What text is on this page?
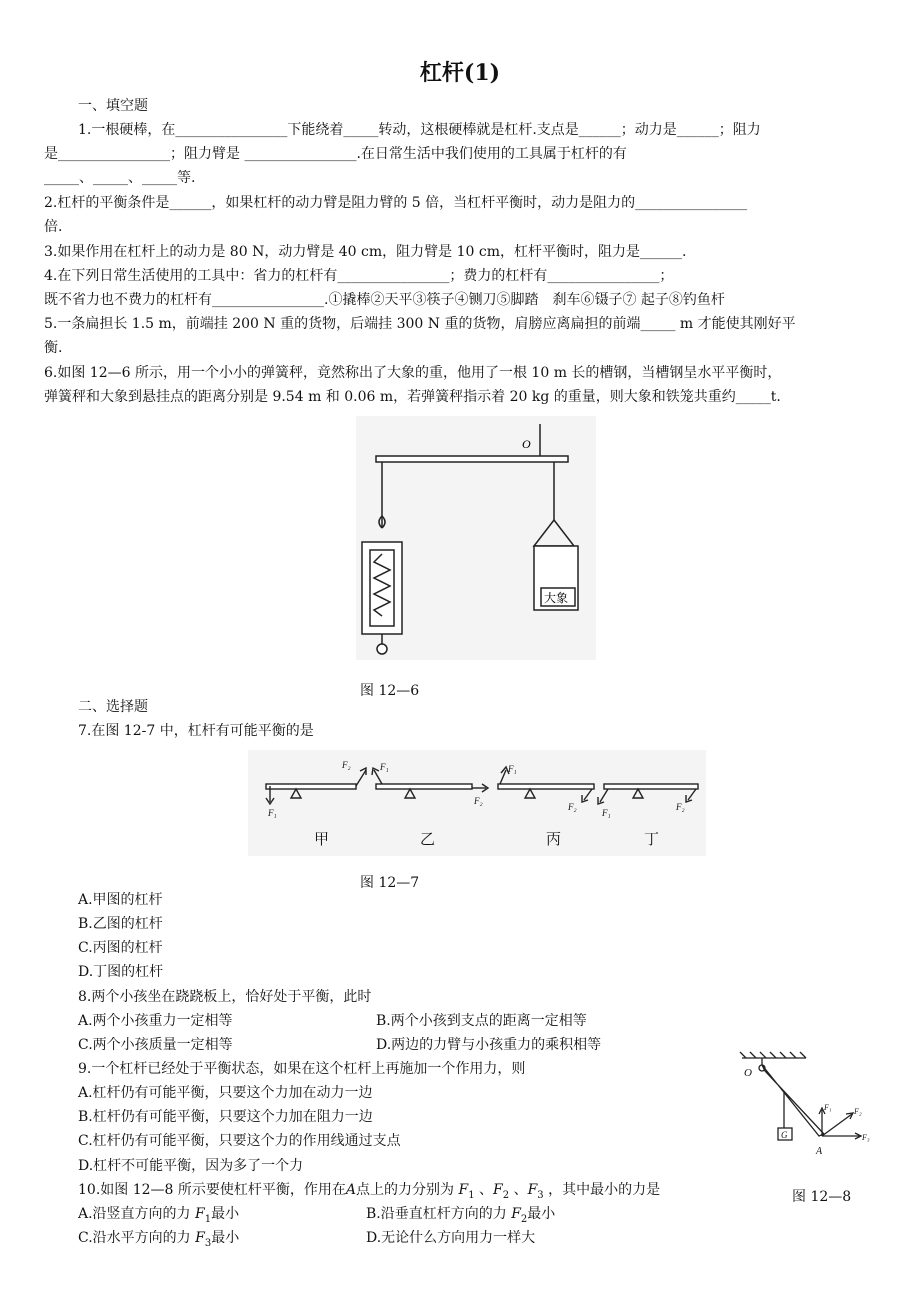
杠杆(1)
一、填空题
1.一根硬棒，在________________下能绕着_____转动，这根硬棒就是杠杆.支点是______；动力是______；阻力
是________________；阻力臂是 ________________.在日常生活中我们使用的工具属于杠杆的有
_____、_____、_____等.
2.杠杆的平衡条件是______，如果杠杆的动力臂是阻力臂的 5 倍，当杠杆平衡时，动力是阻力的________________
倍.
3.如果作用在杠杆上的动力是 80 N，动力臂是 40 cm，阻力臂是 10 cm，杠杆平衡时，阻力是______.
4.在下列日常生活使用的工具中：省力的杠杆有________________；费力的杠杆有________________；
既不省力也不费力的杠杆有________________.①撬棒②天平③筷子④铡刀⑤脚踏　刹车⑥镊子⑦ 起子⑧钓鱼杆
5.一条扁担长 1.5 m，前端挂 200 N 重的货物，后端挂 300 N 重的货物，肩膀应离扁担的前端_____ m 才能使其刚好平
衡.
6.如图 12—6 所示，用一个小小的弹簧秤，竟然称出了大象的重，他用了一根 10 m 长的槽钢，当槽钢呈水平平衡时，
弹簧秤和大象到悬挂点的距离分别是 9.54 m 和 0.06 m，若弹簧秤指示着 20 kg 的重量，则大象和铁笼共重约_____t.
O
大象
图 12—6
二、选择题
7.在图 12-7 中，杠杆有可能平衡的是
F₁
F₂	F₁
F₂
F₁
F₂
F₁
F₂
甲	乙	丙	丁
图 12—7
A.甲图的杠杆
B.乙图的杠杆
C.丙图的杠杆
D.丁图的杠杆
8.两个小孩坐在跷跷板上，恰好处于平衡，此时
A.两个小孩重力一定相等	B.两个小孩到支点的距离一定相等
C.两个小孩质量一定相等	D.两边的力臂与小孩重力的乘积相等
9.一个杠杆已经处于平衡状态，如果在这个杠杆上再施加一个作用力，则
A.杠杆仍有可能平衡，只要这个力加在动力一边
B.杠杆仍有可能平衡，只要这个力加在阻力一边
C.杠杆仍有可能平衡，只要这个力的作用线通过支点
D.杠杆不可能平衡，因为多了一个力
O
G
A
F₁	F₂
F₃
图 12—8
10.如图 12—8 所示要使杠杆平衡，作用在A点上的力分别为 $F_1$ 、$F_2$ 、$F_3$ ，其中最小的力是
A.沿竖直方向的力 $F_1$最小	B.沿垂直杠杆方向的力 $F_2$最小
C.沿水平方向的力 $F_3$最小	D.无论什么方向用力一样大
